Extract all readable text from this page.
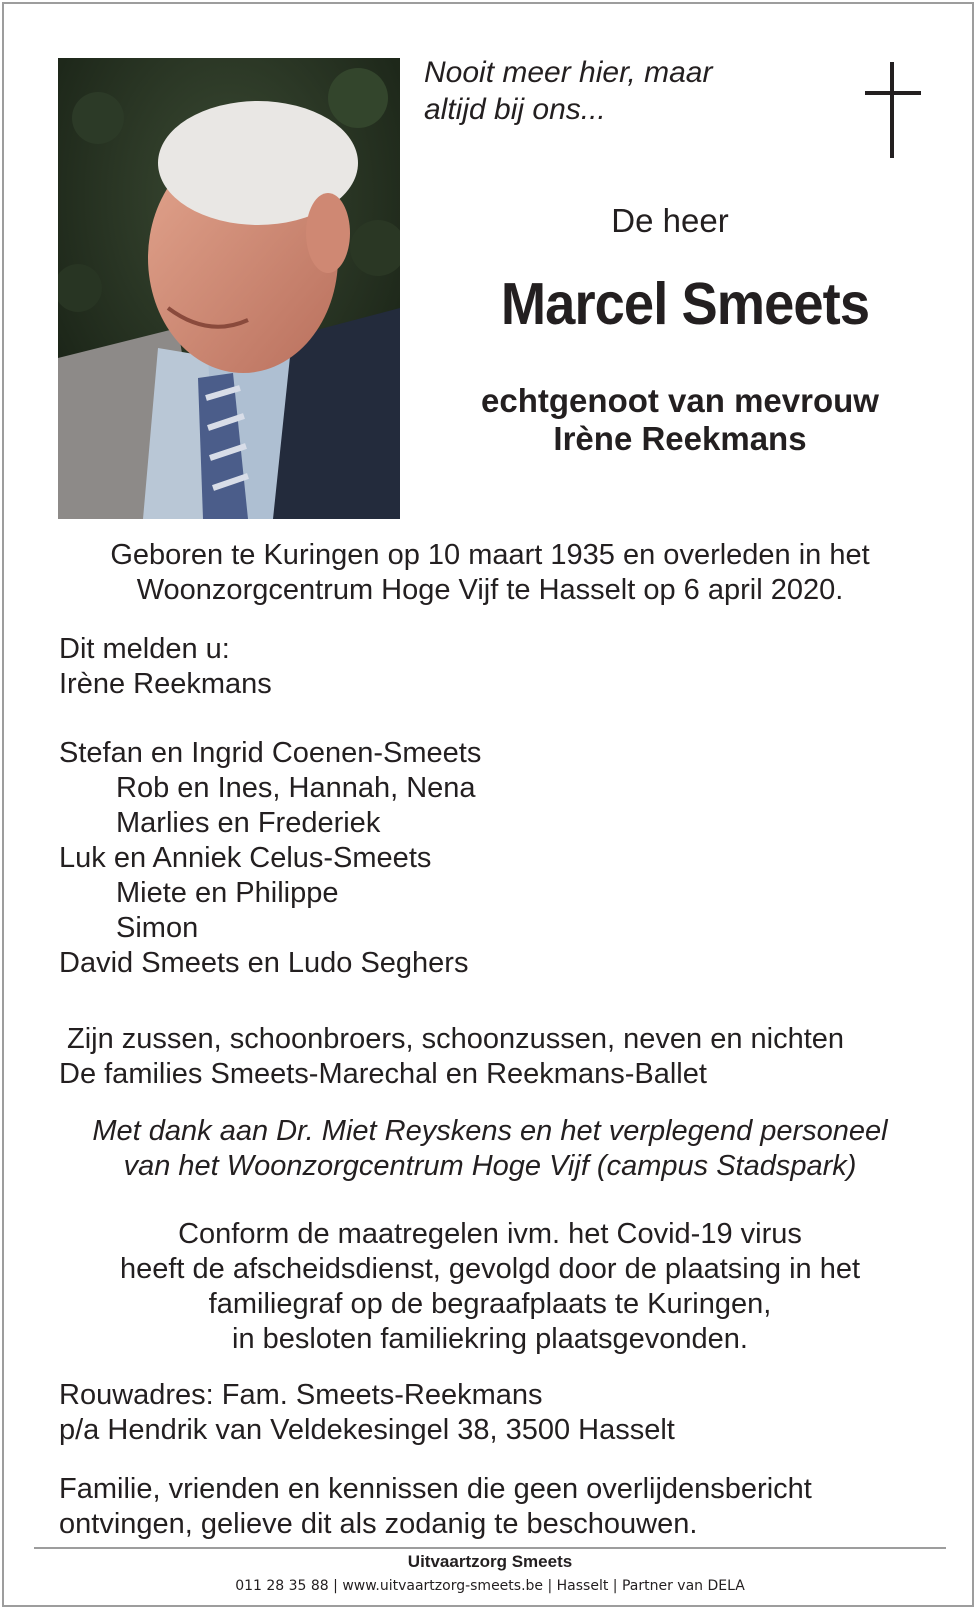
Nooit meer hier, maar
altijd bij ons...
De heer
Marcel Smeets
echtgenoot van mevrouw
Irène Reekmans
Geboren te Kuringen op 10 maart 1935 en overleden in het
Woonzorgcentrum Hoge Vijf te Hasselt op 6 april 2020.
Dit melden u:
Irène Reekmans
Stefan en Ingrid Coenen-Smeets
Rob en Ines, Hannah, Nena
Marlies en Frederiek
Luk en Anniek Celus-Smeets
Miete en Philippe
Simon
David Smeets en Ludo Seghers
Zijn zussen, schoonbroers, schoonzussen, neven en nichten
De families Smeets-Marechal en Reekmans-Ballet
Met dank aan Dr. Miet Reyskens en het verplegend personeel
van het Woonzorgcentrum Hoge Vijf (campus Stadspark)
Conform de maatregelen ivm. het Covid-19 virus
heeft de afscheidsdienst, gevolgd door de plaatsing in het
familiegraf op de begraafplaats te Kuringen,
in besloten familiekring plaatsgevonden.
Rouwadres: Fam. Smeets-Reekmans
p/a Hendrik van Veldekesingel 38, 3500 Hasselt
Familie, vrienden en kennissen die geen overlijdensbericht
ontvingen, gelieve dit als zodanig te beschouwen.
Uitvaartzorg Smeets
011 28 35 88 | www.uitvaartzorg-smeets.be | Hasselt | Partner van DELA
